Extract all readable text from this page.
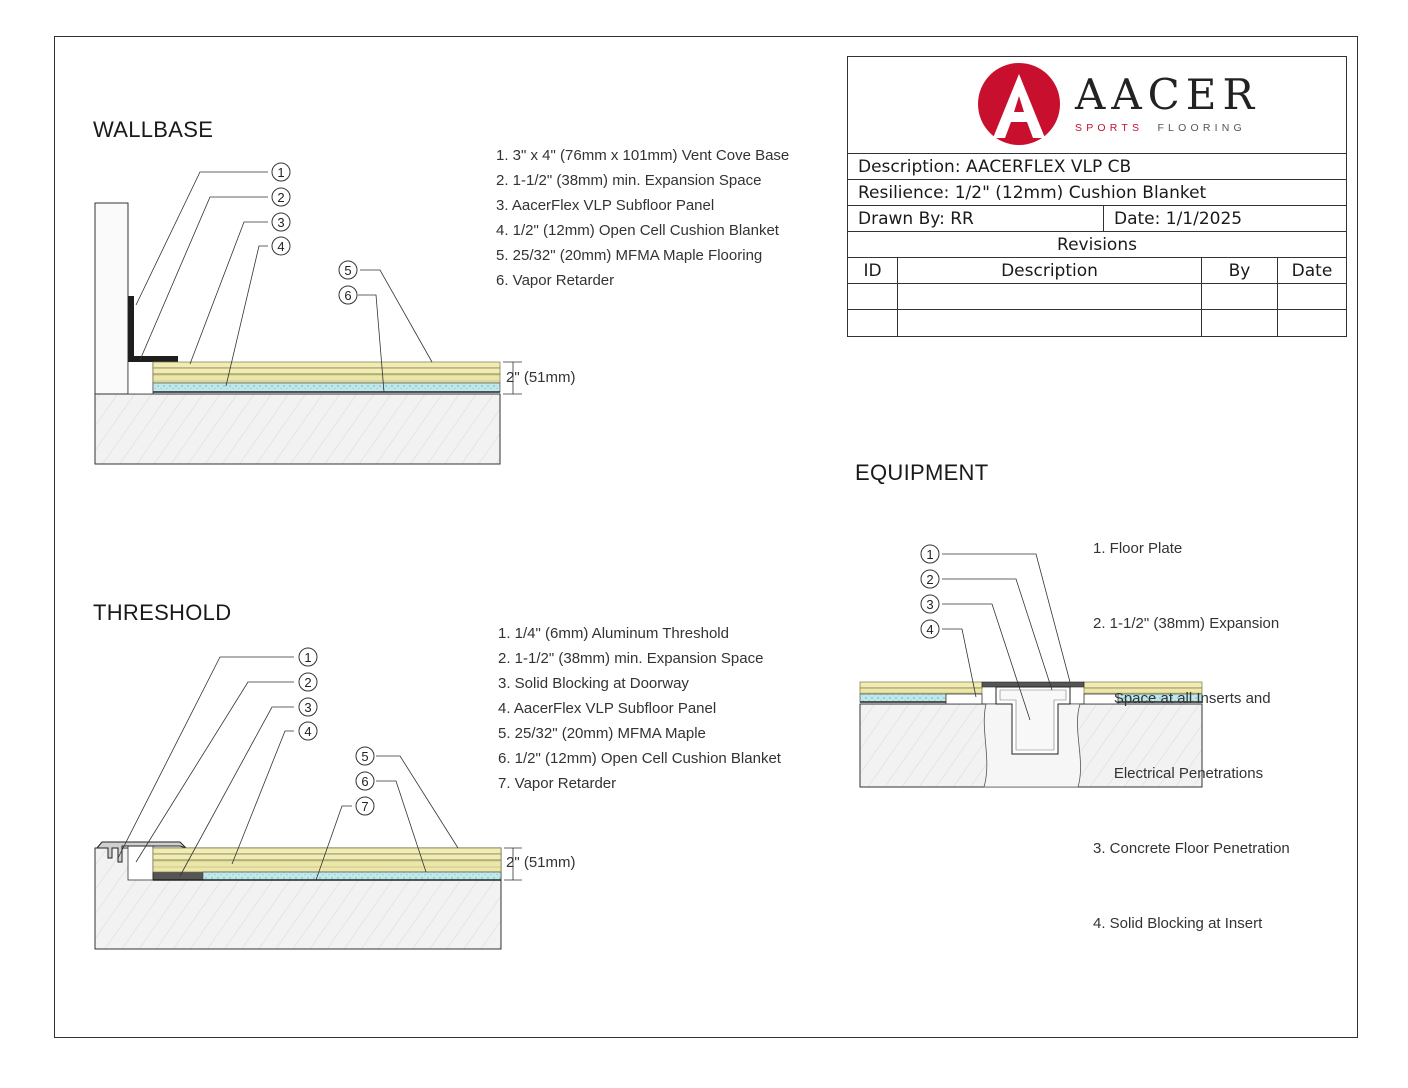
Description: AACERFLEX VLP CB
Resilience: 1/2" (12mm) Cushion Blanket
Drawn By: RR	Date: 1/1/2025
Revisions
ID	Description	By	Date
1
2
3
4
5
6
1
2
3
4
5
6
7
1
2
3
4
AACER
SPORTS FLOORING
WALLBASE
1. 3" x 4" (76mm x 101mm) Vent Cove Base
2. 1-1/2" (38mm) min. Expansion Space
3. AacerFlex VLP Subfloor Panel
4. 1/2" (12mm) Open Cell Cushion Blanket
5. 25/32" (20mm) MFMA Maple Flooring
6. Vapor Retarder
2" (51mm)
THRESHOLD
1. 1/4" (6mm) Aluminum Threshold
2. 1-1/2" (38mm) min. Expansion Space
3. Solid Blocking at Doorway
4. AacerFlex VLP Subfloor Panel
5. 25/32" (20mm) MFMA Maple
6. 1/2" (12mm) Open Cell Cushion Blanket
7. Vapor Retarder
2" (51mm)
EQUIPMENT

1. Floor Plate

2. 1-1/2" (38mm) Expansion

Space at all Inserts and

Electrical Penetrations

3. Concrete Floor Penetration

4. Solid Blocking at Insert
